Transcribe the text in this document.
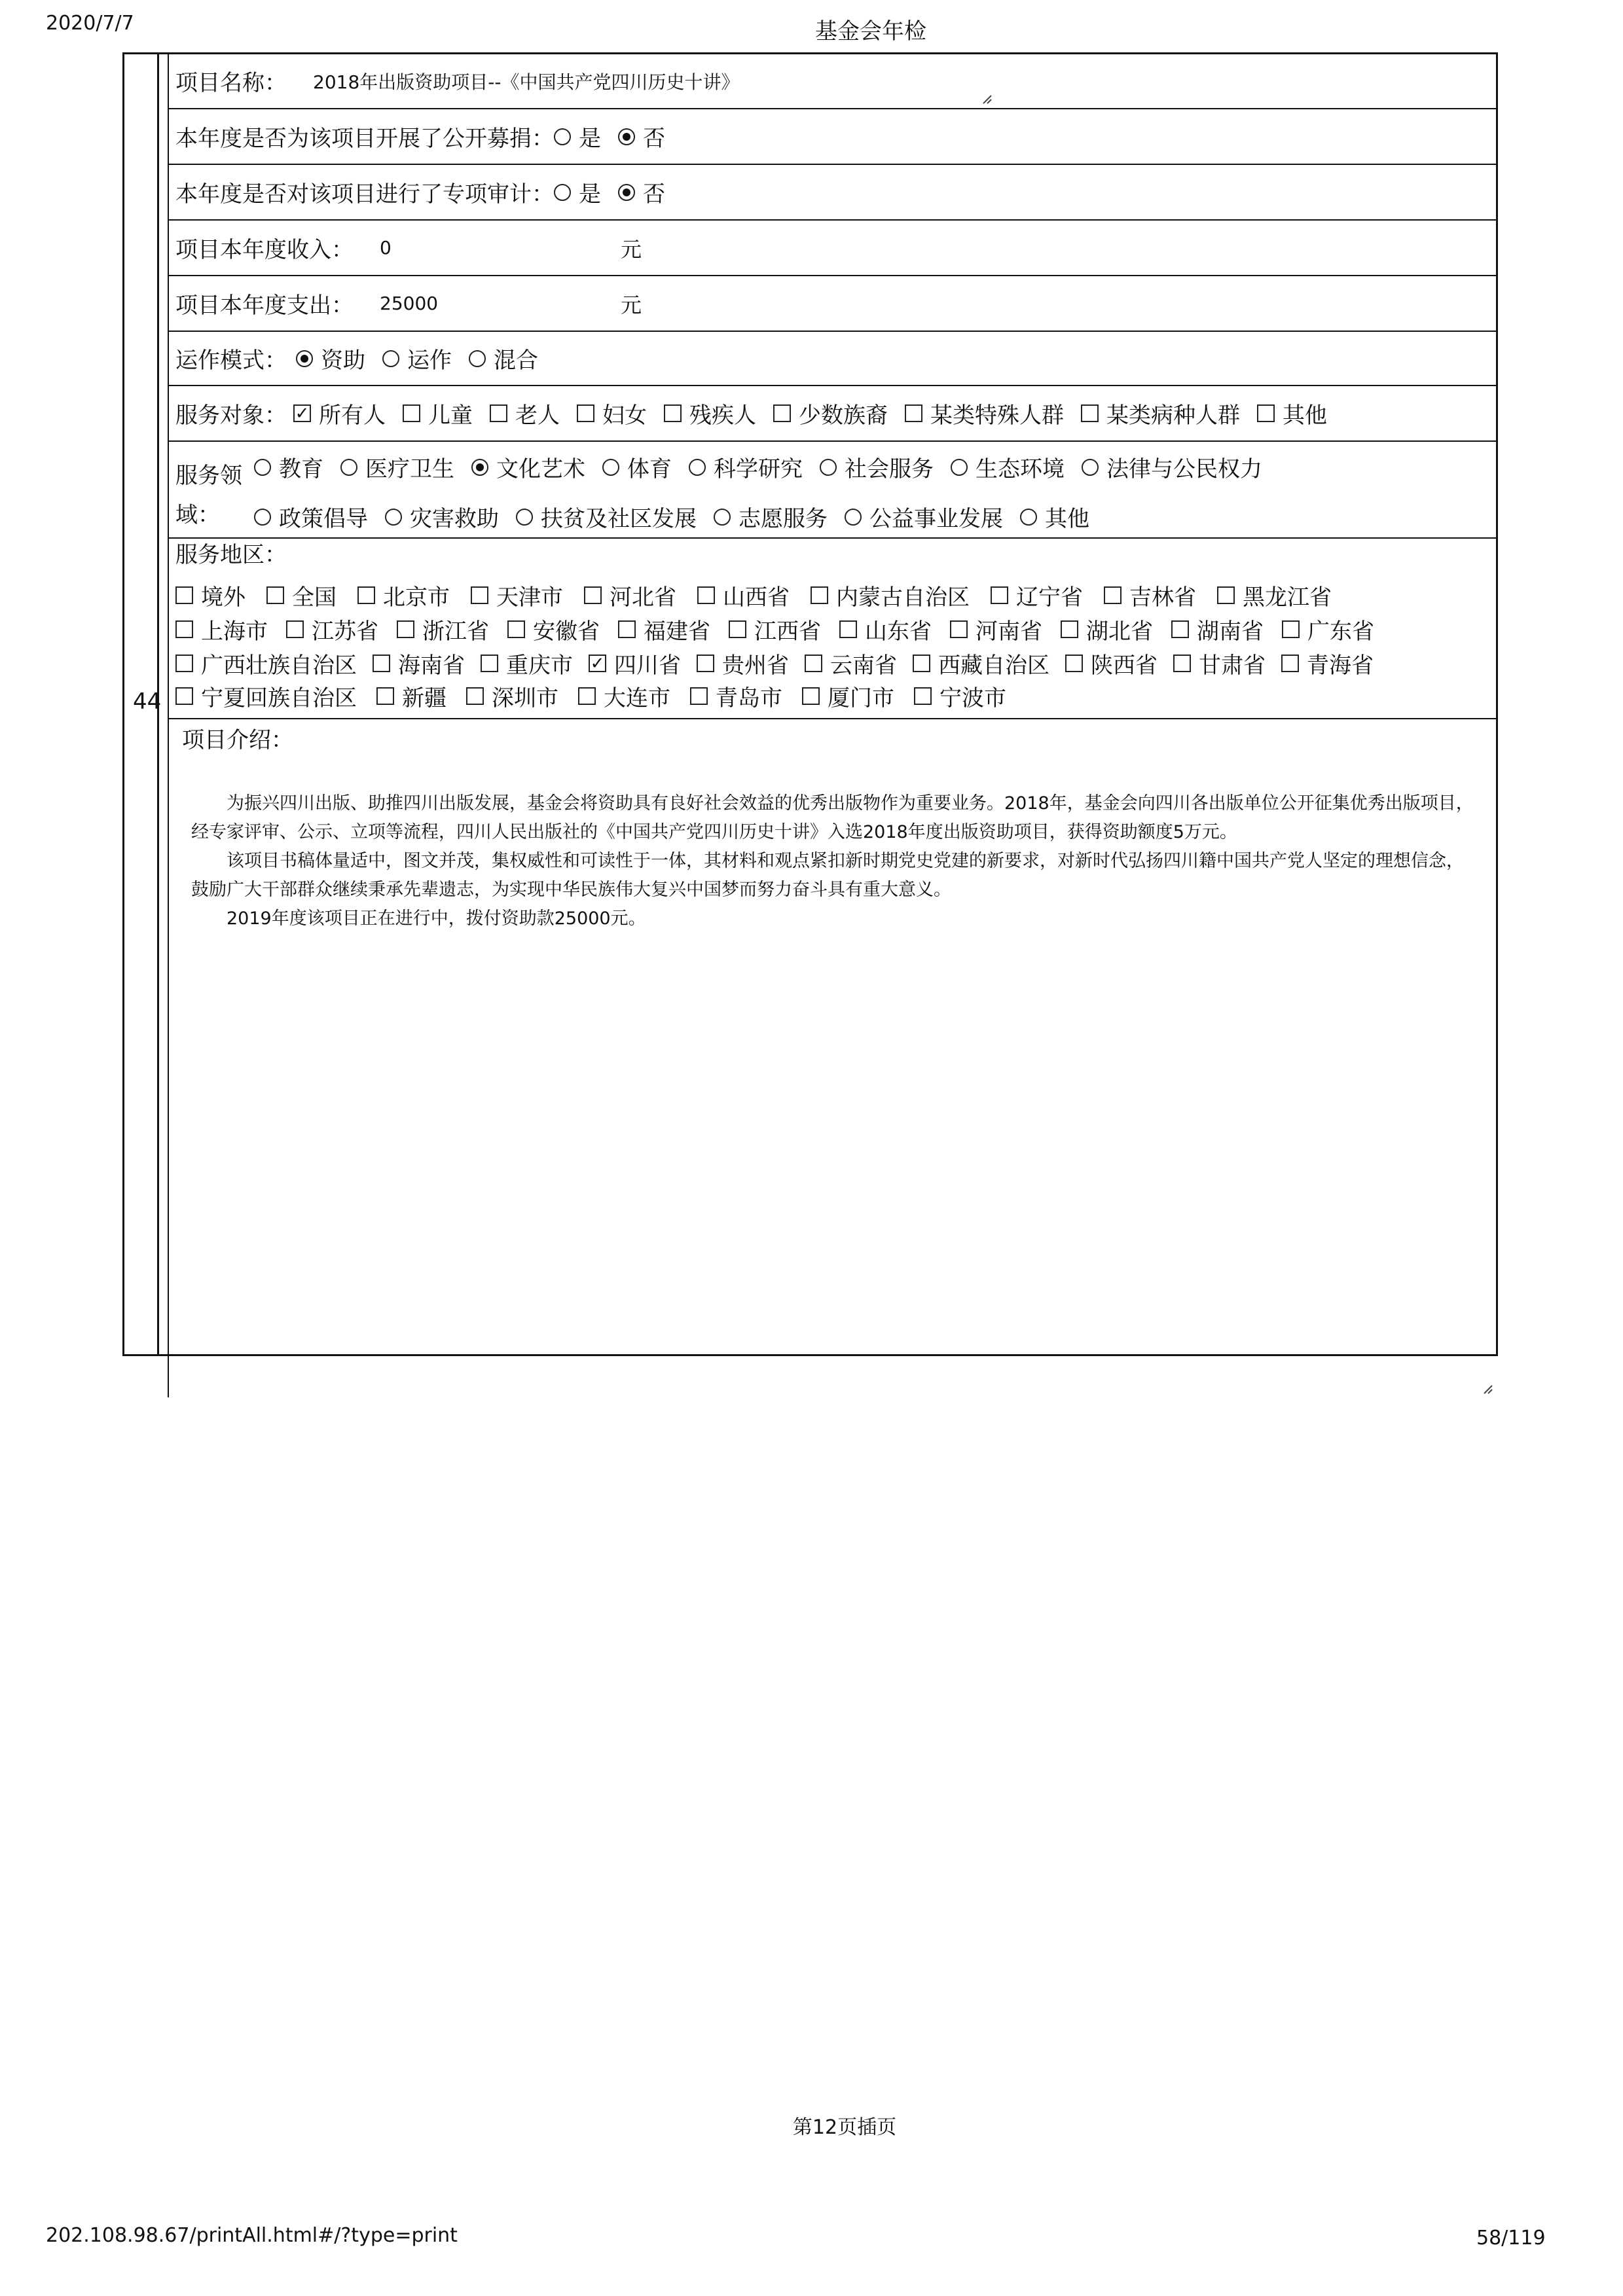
2020/7/7	基金会年检
44
项目名称： 2018年出版资助项目--《中国共产党四川历史十讲》
本年度是否为该项目开展了公开募捐： 是 否
本年度是否对该项目进行了专项审计： 是 否
项目本年度收入： 0	元
项目本年度支出： 25000	元
运作模式： 资助 运作 混合
服务对象： ✓ 所有人 儿童 老人 妇女 残疾人 少数族裔 某类特殊人群 某类病种人群 其他
服务领域：
教育 医疗卫生 文化艺术 体育 科学研究 社会服务 生态环境 法律与公民权力
政策倡导 灾害救助 扶贫及社区发展 志愿服务 公益事业发展 其他
服务地区：
境外 全国 北京市 天津市 河北省 山西省 内蒙古自治区 辽宁省 吉林省 黑龙江省
上海市 江苏省 浙江省 安徽省 福建省 江西省 山东省 河南省 湖北省 湖南省 广东省
广西壮族自治区 海南省 重庆市 ✓ 四川省 贵州省 云南省 西藏自治区 陕西省 甘肃省 青海省
宁夏回族自治区 新疆 深圳市 大连市 青岛市 厦门市 宁波市
项目介绍：

为振兴四川出版、助推四川出版发展，基金会将资助具有良好社会效益的优秀出版物作为重要业务。2018年，基金会向四川各出版单位公开征集优秀出版项目，经专家评审、公示、立项等流程，四川人民出版社的《中国共产党四川历史十讲》入选2018年度出版资助项目，获得资助额度5万元。

该项目书稿体量适中，图文并茂，集权威性和可读性于一体，其材料和观点紧扣新时期党史党建的新要求，对新时代弘扬四川籍中国共产党人坚定的理想信念，鼓励广大干部群众继续秉承先辈遗志，为实现中华民族伟大复兴中国梦而努力奋斗具有重大意义。

2019年度该项目正在进行中，拨付资助款25000元。

第12页插页
202.108.98.67/printAll.html#/?type=print	58/119
